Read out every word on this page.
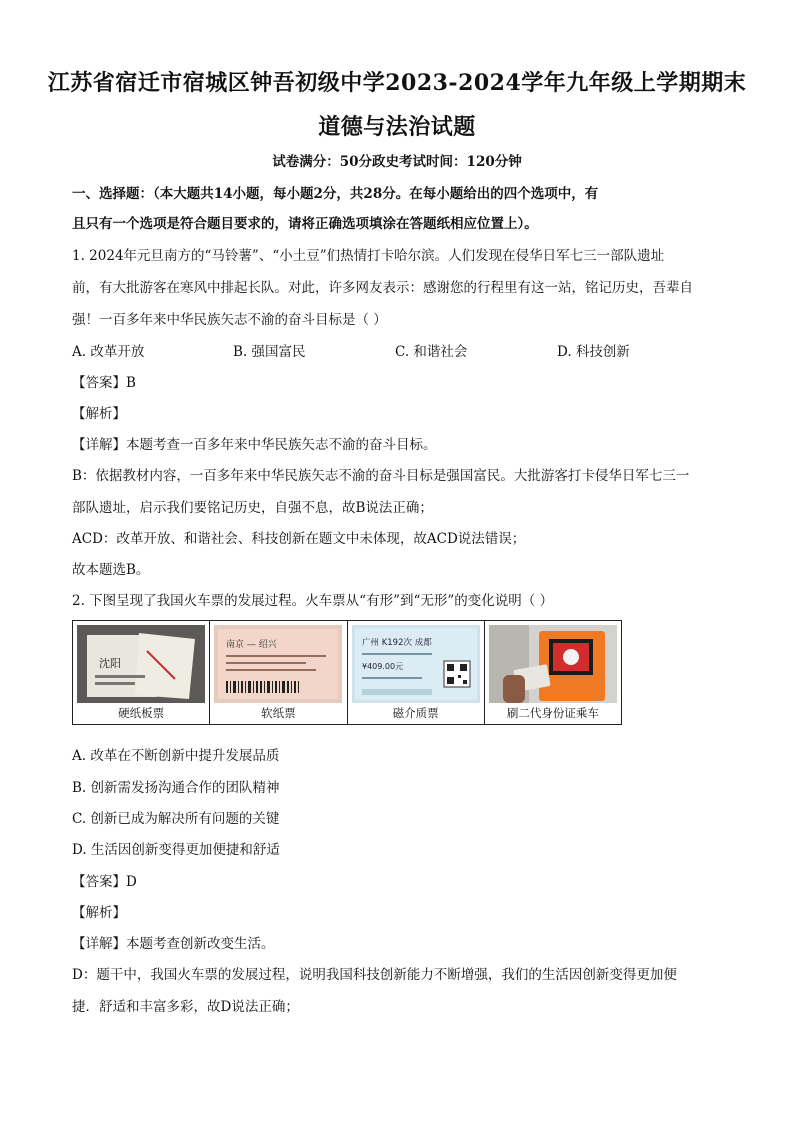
江苏省宿迁市宿城区钟吾初级中学2023-2024学年九年级上学期期末
道德与法治试题
试卷满分：50分政史考试时间：120分钟
一、选择题：（本大题共14小题，每小题2分，共28分。在每小题给出的四个选项中，有
且只有一个选项是符合题目要求的，请将正确选项填涂在答题纸相应位置上）。
1. 2024年元旦南方的“马铃薯”、“小土豆”们热情打卡哈尔滨。人们发现在侵华日军七三一部队遗址
前，有大批游客在寒风中排起长队。对此，许多网友表示：感谢您的行程里有这一站，铭记历史，吾辈自
强！一百多年来中华民族矢志不渝的奋斗目标是（ ）
A. 改革开放	B. 强国富民	C. 和谐社会	D. 科技创新
【答案】B
【解析】
【详解】本题考查一百多年来中华民族矢志不渝的奋斗目标。
B：依据教材内容，一百多年来中华民族矢志不渝的奋斗目标是强国富民。大批游客打卡侵华日军七三一
部队遗址，启示我们要铭记历史，自强不息，故B说法正确；
ACD：改革开放、和谐社会、科技创新在题文中未体现，故ACD说法错误；
故本题选B。
2. 下图呈现了我国火车票的发展过程。火车票从“有形”到“无形”的变化说明（ ）
沈阳
硬纸板票
南京 — 绍兴
软纸票
广州 K192次 成都
¥409.00元
磁介质票	刷二代身份证乘车
A. 改革在不断创新中提升发展品质
B. 创新需发扬沟通合作的团队精神
C. 创新已成为解决所有问题的关键
D. 生活因创新变得更加便捷和舒适
【答案】D
【解析】
【详解】本题考查创新改变生活。
D：题干中，我国火车票的发展过程，说明我国科技创新能力不断增强，我们的生活因创新变得更加便
捷．舒适和丰富多彩，故D说法正确；
